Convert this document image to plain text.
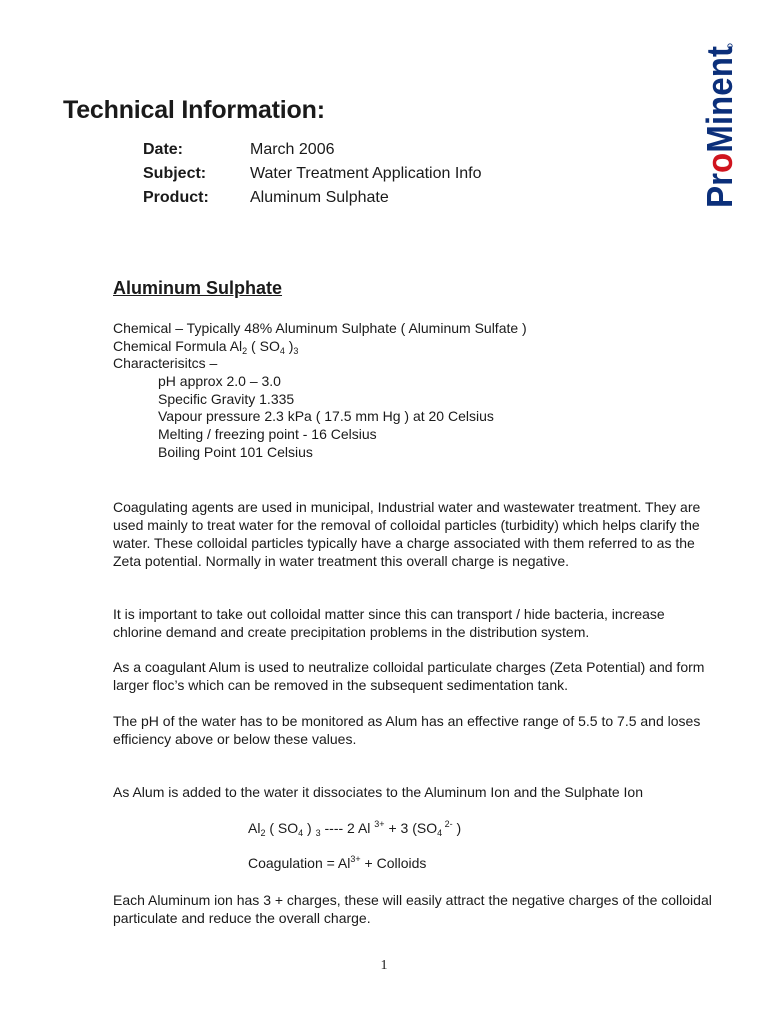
Technical Information:
Date:	March 2006
Subject:	Water Treatment Application Info
Product:	Aluminum Sulphate	ProMinent
Aluminum Sulphate
Chemical – Typically 48% Aluminum Sulphate ( Aluminum Sulfate )
Chemical Formula $Al_2$ ( $SO_4$ )$_3$
Characterisitcs –
pH approx 2.0 – 3.0
Specific Gravity 1.335
Vapour pressure 2.3 kPa ( 17.5 mm Hg ) at 20 Celsius
Melting / freezing point - 16 Celsius
Boiling Point 101 Celsius

Coagulating agents are used in municipal, Industrial water and wastewater treatment. They are used mainly to treat water for the removal of colloidal particles (turbidity) which helps clarify the water. These colloidal particles typically have a charge associated with them referred to as the Zeta potential. Normally in water treatment this overall charge is negative.

It is important to take out colloidal matter since this can transport / hide bacteria, increase chlorine demand and create precipitation problems in the distribution system.

As a coagulant Alum is used to neutralize colloidal particulate charges (Zeta Potential) and form larger floc’s which can be removed in the subsequent sedimentation tank.

The pH of the water has to be monitored as Alum has an effective range of 5.5 to 7.5 and loses efficiency above or below these values.

As Alum is added to the water it dissociates to the Aluminum Ion and the Sulphate Ion

$Al_2$ ( $SO_4$ ) $_3$ ---- 2 Al $^{3+}$ + 3 ($SO_4$ $^{2-}$ )
Coagulation = $Al^{3+}$ + Colloids

Each Aluminum ion has 3 + charges, these will easily attract the negative charges of the colloidal particulate and reduce the overall charge.

1
